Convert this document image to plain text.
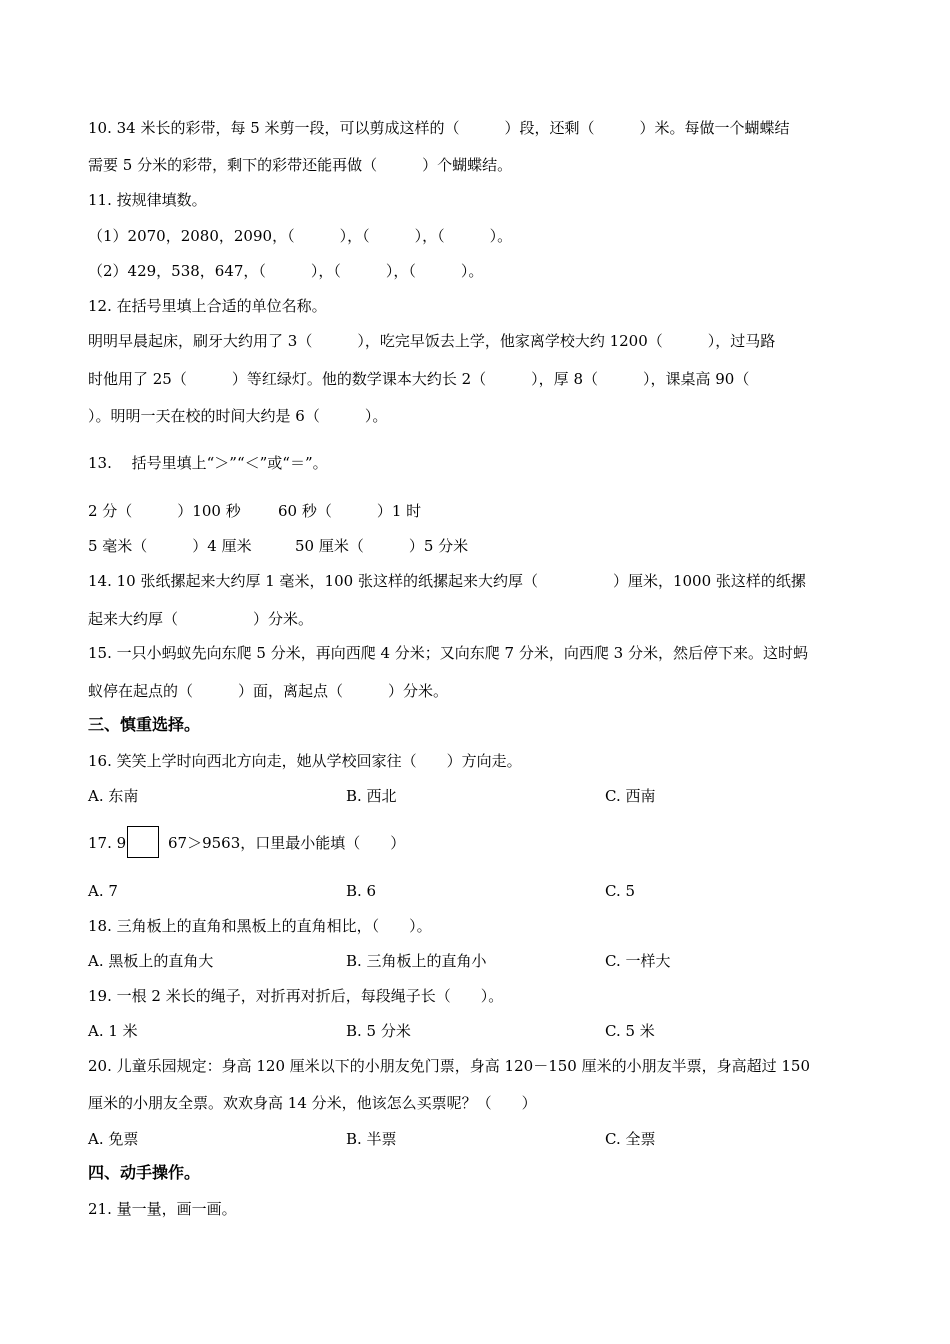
10. 34 米长的彩带，每 5 米剪一段，可以剪成这样的（　　　）段，还剩（　　　）米。每做一个蝴蝶结
需要 5 分米的彩带，剩下的彩带还能再做（　　　）个蝴蝶结。
11. 按规律填数。
（1）2070，2080，2090，（　　　），（　　　），（　　　）。
（2）429，538，647，（　　　），（　　　），（　　　）。
12. 在括号里填上合适的单位名称。
明明早晨起床，刷牙大约用了 3（　　　），吃完早饭去上学，他家离学校大约 1200（　　　），过马路
时他用了 25（　　　）等红绿灯。他的数学课本大约长 2（　　　），厚 8（　　　），课桌高 90（
）。明明一天在校的时间大约是 6（　　　）。
13.　 括号里填上“＞”“＜”或“＝”。
2 分（　　　）100 秒 60 秒（　　　）1 时
5 毫米（　　　）4 厘米	50 厘米（　　　）5 分米
14. 10 张纸摞起来大约厚 1 毫米，100 张这样的纸摞起来大约厚（　　　　　）厘米，1000 张这样的纸摞
起来大约厚（　　　　　）分米。
15. 一只小蚂蚁先向东爬 5 分米，再向西爬 4 分米；又向东爬 7 分米，向西爬 3 分米，然后停下来。这时蚂
蚁停在起点的（　　　）面，离起点（　　　）分米。
三、慎重选择。
16. 笑笑上学时向西北方向走，她从学校回家往（　　）方向走。
A. 东南	B. 西北	C. 西南
17. 9	67＞9563，口里最小能填（　　）
A. 7	B. 6	C. 5
18. 三角板上的直角和黑板上的直角相比，（　　）。
A. 黑板上的直角大	B. 三角板上的直角小	C. 一样大
19. 一根 2 米长的绳子，对折再对折后，每段绳子长（　　）。
A. 1 米	B. 5 分米	C. 5 米
20. 儿童乐园规定：身高 120 厘米以下的小朋友免门票，身高 120－150 厘米的小朋友半票，身高超过 150
厘米的小朋友全票。欢欢身高 14 分米，他该怎么买票呢？（　　）
A. 免票	B. 半票	C. 全票
四、动手操作。
21. 量一量，画一画。
